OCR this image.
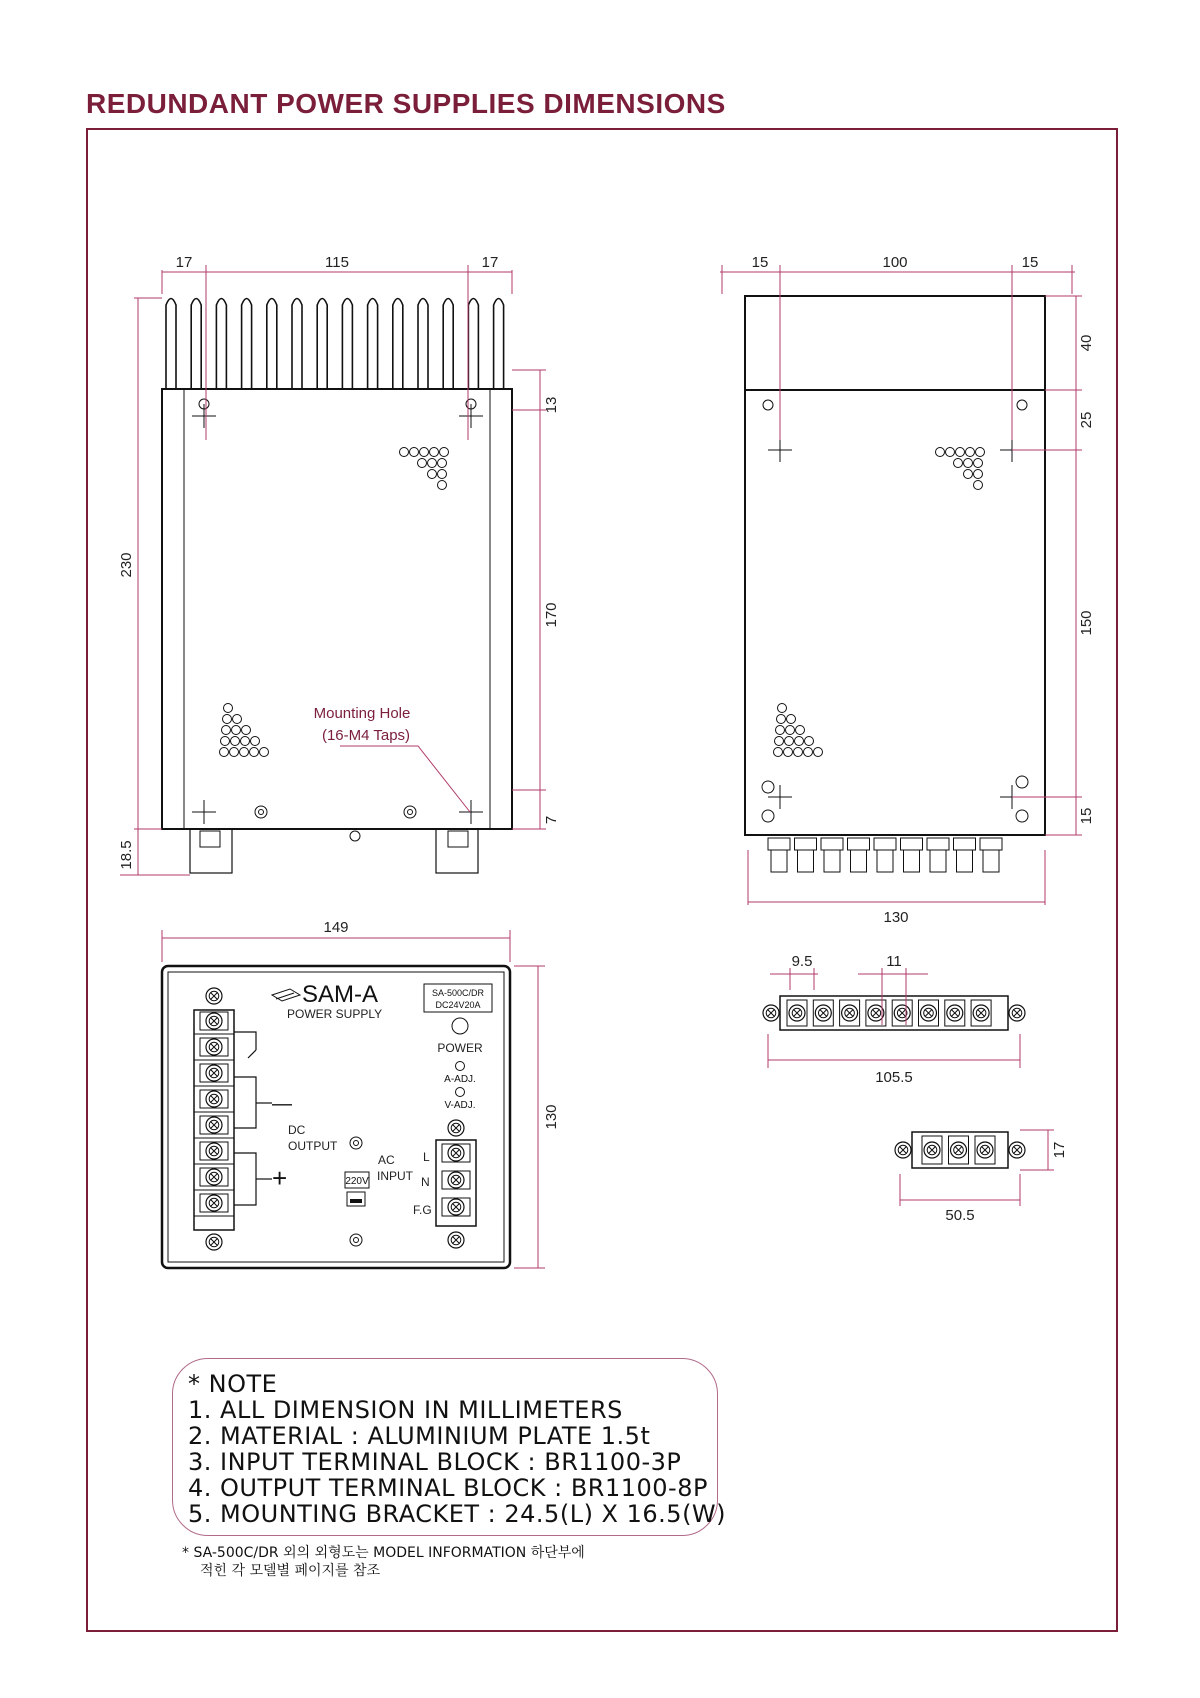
REDUNDANT POWER SUPPLIES DIMENSIONS
17	115	17
230
18.5
13
170
7
Mounting Hole
(16-M4 Taps)
15	100	15
40
25
150
15
130
149
130
SAM-A
POWER SUPPLY
SA-500C/DR
DC24V20A
POWER
A-ADJ.
V-ADJ.
—
+
DC
OUTPUT
AC
INPUT
220V
L
N
F.G
9.5	11
105.5
17
50.5
* NOTE
1. ALL DIMENSION IN MILLIMETERS
2. MATERIAL : ALUMINIUM PLATE 1.5t
3. INPUT TERMINAL BLOCK : BR1100-3P
4. OUTPUT TERMINAL BLOCK : BR1100-8P
5. MOUNTING BRACKET : 24.5(L) X 16.5(W)
* SA-500C/DR 외의 외형도는 MODEL INFORMATION 하단부에
적힌 각 모델별 페이지를 참조
